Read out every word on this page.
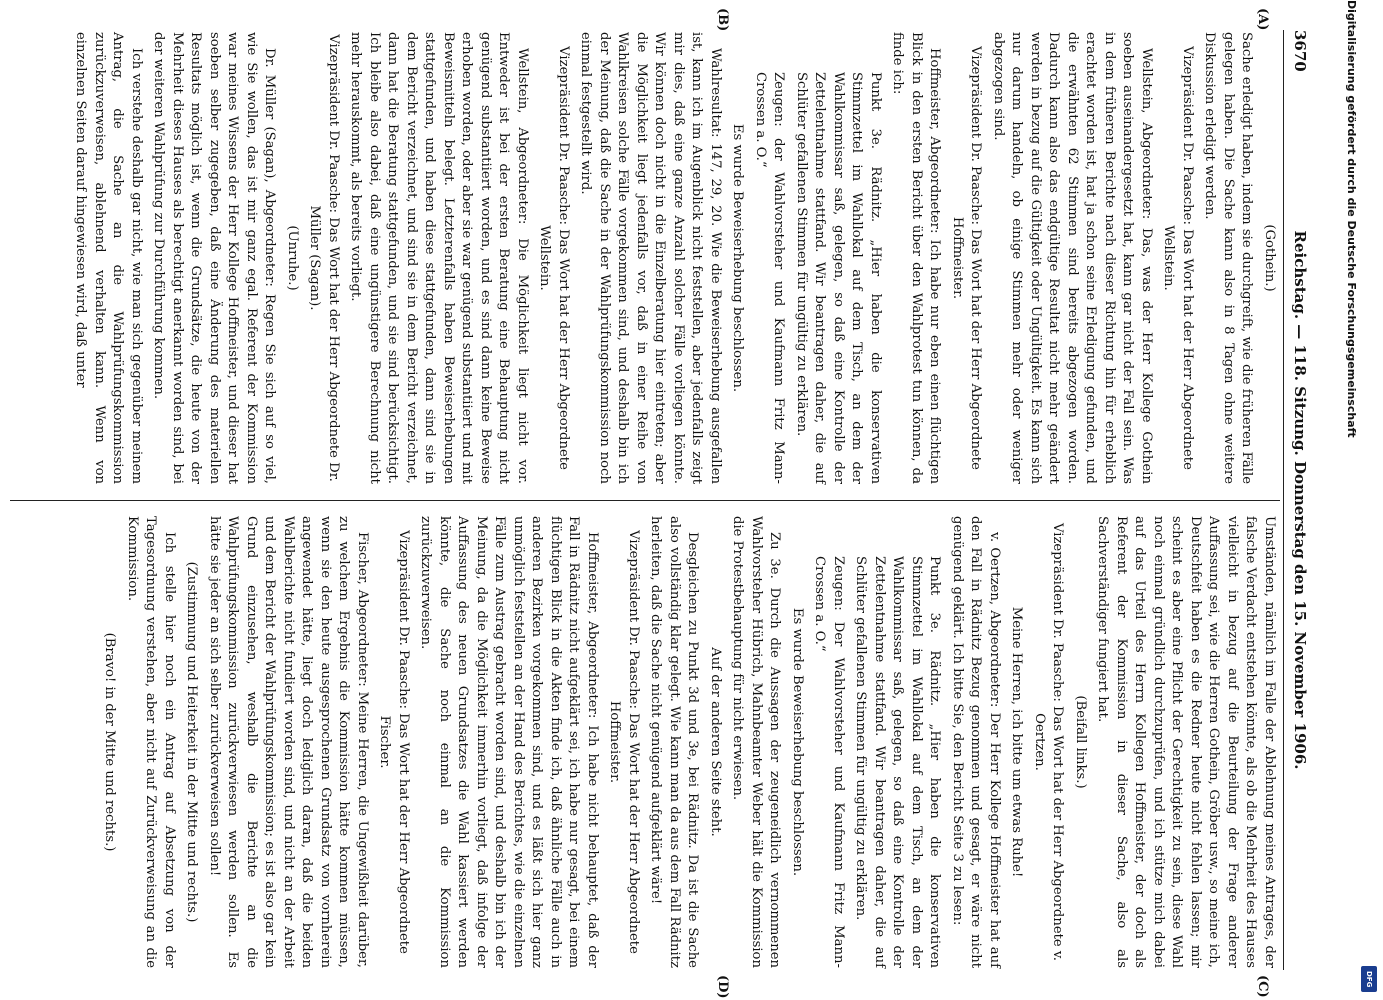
3670
Reichstag. — 118. Sitzung. Donnerstag den 15. November 1906.
(A)
(B)
(C)
(D)

(Gothein.)

Sache erledigt haben, indem sie durchgreift, wie die früheren Fälle gelegen haben. Die Sache kann also in 8 Tagen ohne weitere Diskussion erledigt werden.

Vizepräsident Dr. Paasche: Das Wort hat der Herr Abgeordnete Wellstein.

Wellstein, Abgeordneter: Das, was der Herr Kollege Gothein soeben auseinandergesetzt hat, kann gar nicht der Fall sein. Was in dem früheren Berichte nach dieser Richtung hin für erheblich erachtet worden ist, hat ja schon seine Erledigung gefunden, und die erwähnten 62 Stimmen sind bereits abgezogen worden. Dadurch kann also das endgültige Resultat nicht mehr geändert werden in bezug auf die Gültigkeit oder Ungültigkeit. Es kann sich nur darum handeln, ob einige Stimmen mehr oder weniger abgezogen sind.

Vizepräsident Dr. Paasche: Das Wort hat der Herr Abgeordnete Hoffmeister.

Hoffmeister, Abgeordneter: Ich habe nur eben einen flüchtigen Blick in den ersten Bericht über den Wahlprotest tun können, da finde ich:

Punkt 3e. Rädnitz. „Hier haben die konservativen Stimmzettel im Wahllokal auf dem Tisch, an dem der Wahlkommissar saß, gelegen, so daß eine Kontrolle der Zettelentnahme stattfand. Wir beantragen daher, die auf Schlüter gefallenen Stimmen für ungültig zu erklären.

Zeugen: der Wahlvorsteher und Kaufmann Fritz Mann-Crossen a. O.“

Es wurde Beweiserhebung beschlossen.

Wahlresultat: 147, 29, 20. Wie die Beweiserhebung ausgefallen ist, kann ich im Augenblick nicht feststellen, aber jedenfalls zeigt mir dies, daß eine ganze Anzahl solcher Fälle vorliegen könnte. Wir können doch nicht in die Einzelberatung hier eintreten; aber die Möglichkeit liegt jedenfalls vor, daß in einer Reihe von Wahlkreisen solche Fälle vorgekommen sind, und deshalb bin ich der Meinung, daß die Sache in der Wahlprüfungskommission noch einmal festgestellt wird.

Vizepräsident Dr. Paasche: Das Wort hat der Herr Abgeordnete Wellstein.

Wellstein, Abgeordneter: Die Möglichkeit liegt nicht vor. Entweder ist bei der ersten Beratung eine Behauptung nicht genügend substantiiert worden, und es sind dann keine Beweise erhoben worden, oder aber sie war genügend substantiiert und mit Beweismitteln belegt. Letzterenfalls haben Beweiserhebungen stattgefunden, und haben diese stattgefunden, dann sind sie in dem Bericht verzeichnet, und sind sie in dem Bericht verzeichnet, dann hat die Beratung stattgefunden, und sie sind berücksichtigt. Ich bleibe also dabei, daß eine ungünstigere Berechnung nicht mehr herauskommt, als bereits vorliegt.

Vizepräsident Dr. Paasche: Das Wort hat der Herr Abgeordnete Dr. Müller (Sagan).

(Unruhe.)

Dr. Müller (Sagan), Abgeordneter: Regen Sie sich auf so viel, wie Sie wollen, das ist mir ganz egal. Referent der Kommission war meines Wissens der Herr Kollege Hoffmeister, und dieser hat soeben selber zugegeben, daß eine Änderung des materiellen Resultats möglich ist, wenn die Grundsätze, die heute von der Mehrheit dieses Hauses als berechtigt anerkannt worden sind, bei der weiteren Wahlprüfung zur Durchführung kommen.

Ich verstehe deshalb gar nicht, wie man sich gegenüber meinem Antrag, die Sache an die Wahlprüfungskommission zurückzuverweisen, ablehnend verhalten kann. Wenn von einzelnen Seiten darauf hingewiesen wird, daß unter

Umständen, nämlich im Falle der Ablehnung meines Antrages, der falsche Verdacht entstehen könnte, als ob die Mehrheit des Hauses vielleicht in bezug auf die Beurteilung der Frage anderer Auffassung sei, wie die Herren Gothein, Gröber usw., so meine ich, Deutschfeit haben es die Redner heute nicht fehlen lassen; mir scheint es aber eine Pflicht der Gerechtigkeit zu sein, diese Wahl noch einmal gründlich durchzuprüfen, und ich stütze mich dabei auf das Urteil des Herrn Kollegen Hoffmeister, der doch als Referent der Kommission in dieser Sache, also als Sachverständiger fungiert hat.

(Beifall links.)

Vizepräsident Dr. Paasche: Das Wort hat der Herr Abgeordnete v. Oertzen.

Meine Herren, ich bitte um etwas Ruhe!

v. Oertzen, Abgeordneter: Der Herr Kollege Hoffmeister hat auf den Fall in Rädnitz Bezug genommen und gesagt, er wäre nicht genügend geklärt. Ich bitte Sie, den Bericht Seite 3 zu lesen:

Punkt 3e. Rädnitz. „Hier haben die konservativen Stimmzettel im Wahllokal auf dem Tisch, an dem der Wahlkommissar saß, gelegen, so daß eine Kontrolle der Zettelentnahme stattfand. Wir beantragen daher, die auf Schlüter gefallenen Stimmen für ungültig zu erklären.

Zeugen: Der Wahlvorsteher und Kaufmann Fritz Mann-Crossen a. O.“

Es wurde Beweiserhebung beschlossen.

Zu 3e. Durch die Aussagen der zeugeneidlich vernommenen Wahlvorsteher Hübrich, Mahnbeamter Weber hält die Kommission die Protestbehauptung für nicht erwiesen.

Auf der anderen Seite steht.

Desgleichen zu Punkt 3d und 3e, bei Rädnitz. Da ist die Sache also vollständig klar gelegt. Wie kann man da aus dem Fall Rädnitz herleiten, daß die Sache nicht genügend aufgeklärt wäre!

Vizepräsident Dr. Paasche: Das Wort hat der Herr Abgeordnete Hoffmeister.

Hoffmeister, Abgeordneter: Ich habe nicht behauptet, daß der Fall in Rädnitz nicht aufgeklärt sei, ich habe nur gesagt, bei einem flüchtigen Blick in die Akten finde ich, daß ähnliche Fälle auch in anderen Bezirken vorgekommen sind, und es läßt sich hier ganz unmöglich feststellen an der Hand des Berichtes, wie die einzelnen Fälle zum Austrag gebracht worden sind, und deshalb bin ich der Meinung, da die Möglichkeit immerhin vorliegt, daß infolge der Auffassung des neuen Grundsatzes die Wahl kassiert werden könnte, die Sache noch einmal an die Kommission zurückzuverweisen.

Vizepräsident Dr. Paasche: Das Wort hat der Herr Abgeordnete Fischer.

Fischer, Abgeordneter: Meine Herren, die Ungewißheit darüber, zu welchem Ergebnis die Kommission hätte kommen müssen, wenn sie den heute ausgesprochenen Grundsatz von vornherein angewendet hätte, liegt doch lediglich daran, daß die beiden Wahlberichte nicht fundiert worden sind, und nicht an der Arbeit und dem Bericht der Wahlprüfungskommission; es ist also gar kein Grund einzusehen, weshalb die Berichte an die Wahlprüfungskommission zurückverwiesen werden sollen. Es hätte sie jeder an sich selber zurückverweisen sollen!

(Zustimmung und Heiterkeit in der Mitte und rechts.)

Ich stelle hier noch ein Antrag auf Absetzung von der Tagesordnung verstehen, aber nicht auf Zurückverweisung an die Kommission.

(Bravo! in der Mitte und rechts.)

Digitalisierung gefördert durch die Deutsche Forschungsgemeinschaft
DFG
